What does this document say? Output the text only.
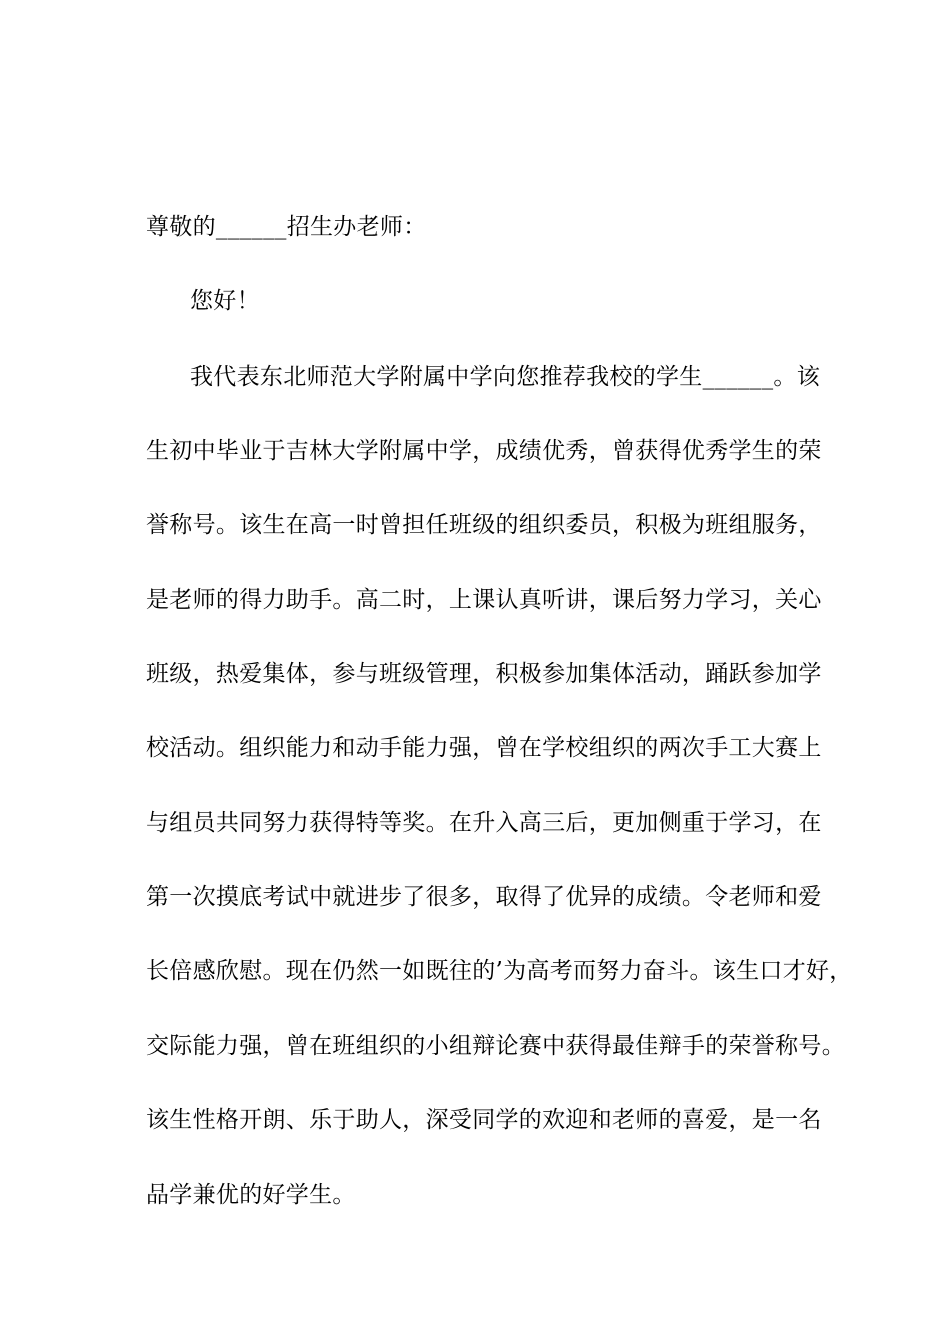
尊敬的______招生办老师：
您好！
我代表东北师范大学附属中学向您推荐我校的学生______。该
生初中毕业于吉林大学附属中学，成绩优秀，曾获得优秀学生的荣
誉称号。该生在高一时曾担任班级的组织委员，积极为班组服务，
是老师的得力助手。高二时，上课认真听讲，课后努力学习，关心
班级，热爱集体，参与班级管理，积极参加集体活动，踊跃参加学
校活动。组织能力和动手能力强，曾在学校组织的两次手工大赛上
与组员共同努力获得特等奖。在升入高三后，更加侧重于学习，在
第一次摸底考试中就进步了很多，取得了优异的成绩。令老师和爱
长倍感欣慰。现在仍然一如既往的’为高考而努力奋斗。该生口才好，
交际能力强，曾在班组织的小组辩论赛中获得最佳辩手的荣誉称号。
该生性格开朗、乐于助人，深受同学的欢迎和老师的喜爱，是一名
品学兼优的好学生。
